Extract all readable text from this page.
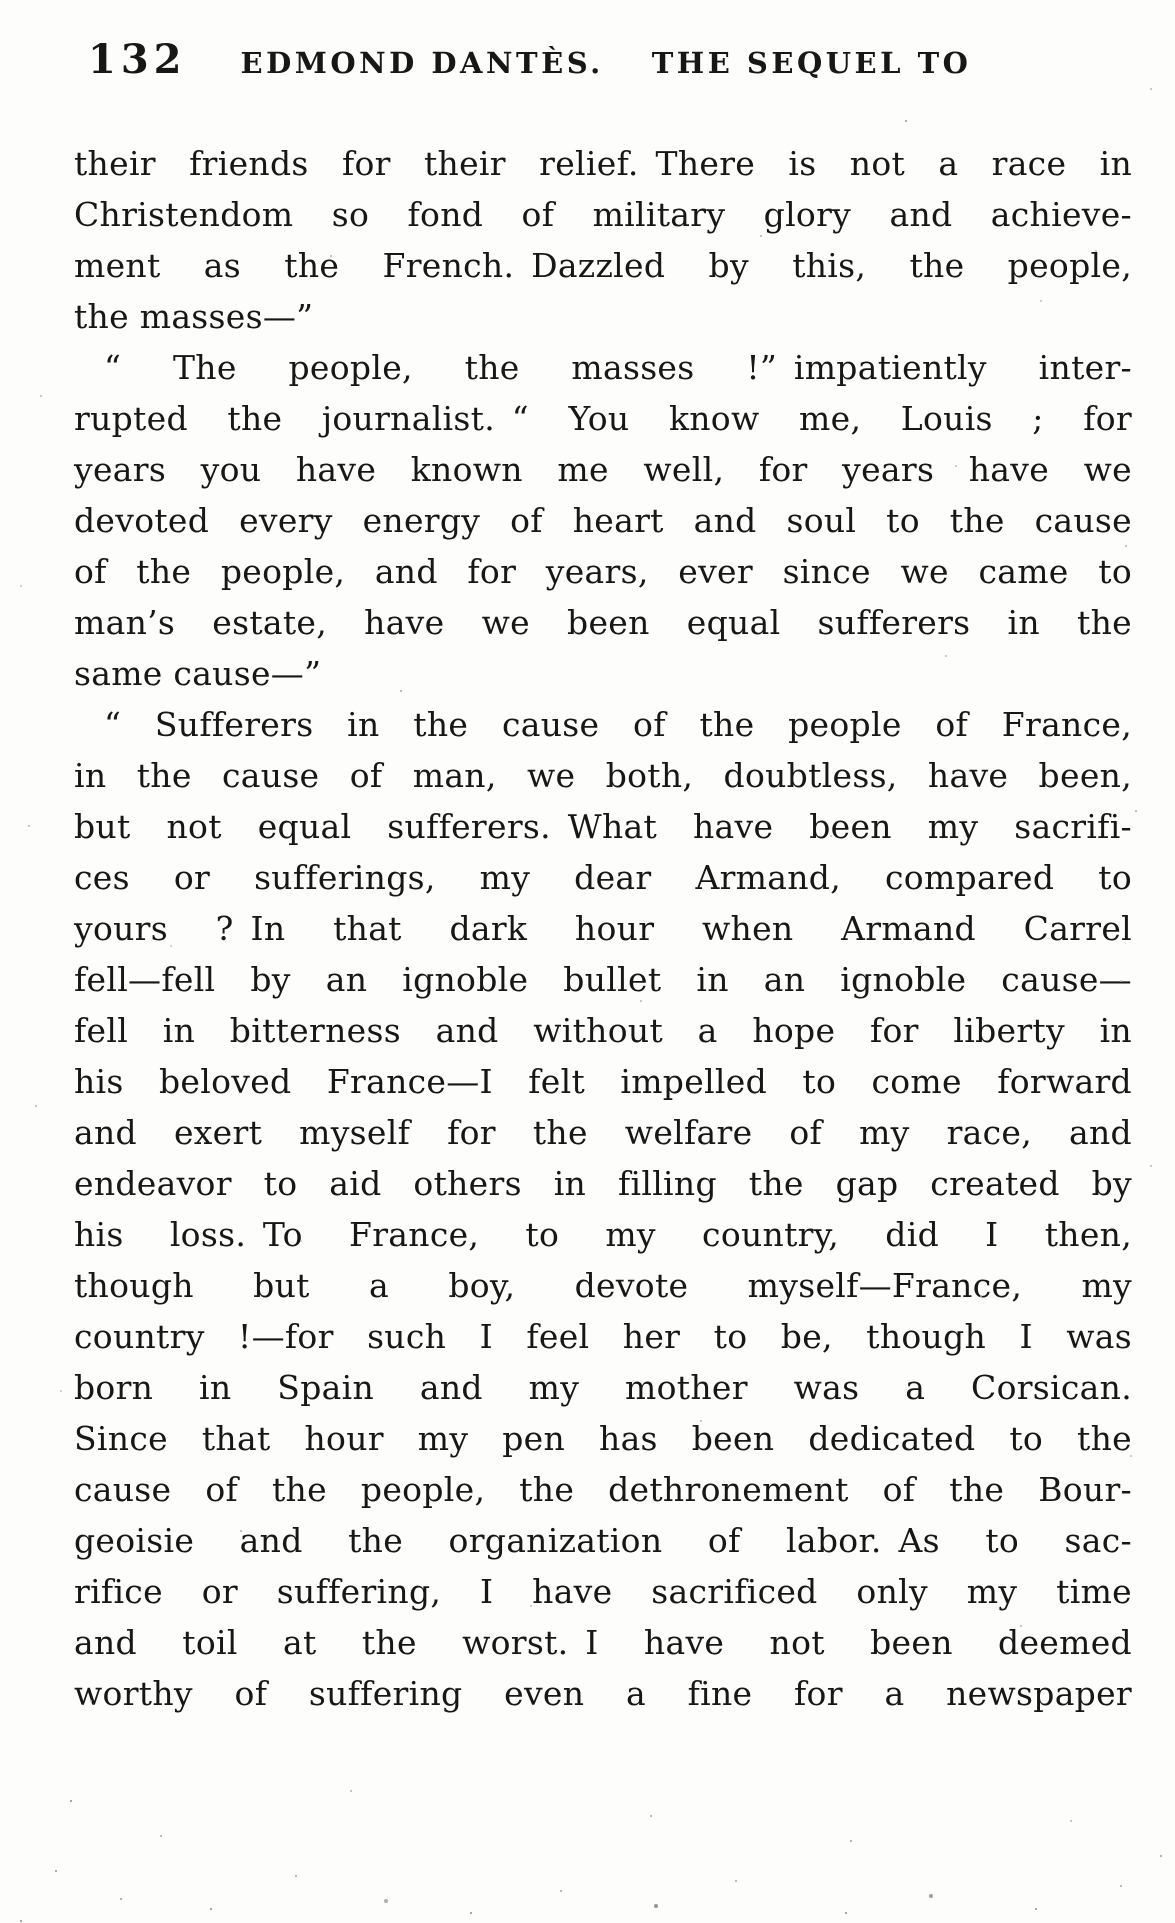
132 EDMOND DANTÈS. THE SEQUEL TO
their friends for their relief. There is not a race in
Christendom so fond of military glory and achieve-
ment as the French. Dazzled by this, the people,
the masses—”
“ The people, the masses !” impatiently inter-
rupted the journalist. “ You know me, Louis ; for
years you have known me well, for years have we
devoted every energy of heart and soul to the cause
of the people, and for years, ever since we came to
man’s estate, have we been equal sufferers in the
same cause—”
“ Sufferers in the cause of the people of France,
in the cause of man, we both, doubtless, have been,
but not equal sufferers. What have been my sacrifi-
ces or sufferings, my dear Armand, compared to
yours ? In that dark hour when Armand Carrel
fell—fell by an ignoble bullet in an ignoble cause—
fell in bitterness and without a hope for liberty in
his beloved France—I felt impelled to come forward
and exert myself for the welfare of my race, and
endeavor to aid others in filling the gap created by
his loss. To France, to my country, did I then,
though but a boy, devote myself—France, my
country !—for such I feel her to be, though I was
born in Spain and my mother was a Corsican.
Since that hour my pen has been dedicated to the
cause of the people, the dethronement of the Bour-
geoisie and the organization of labor. As to sac-
rifice or suffering, I have sacrificed only my time
and toil at the worst. I have not been deemed
worthy of suffering even a fine for a newspaper
